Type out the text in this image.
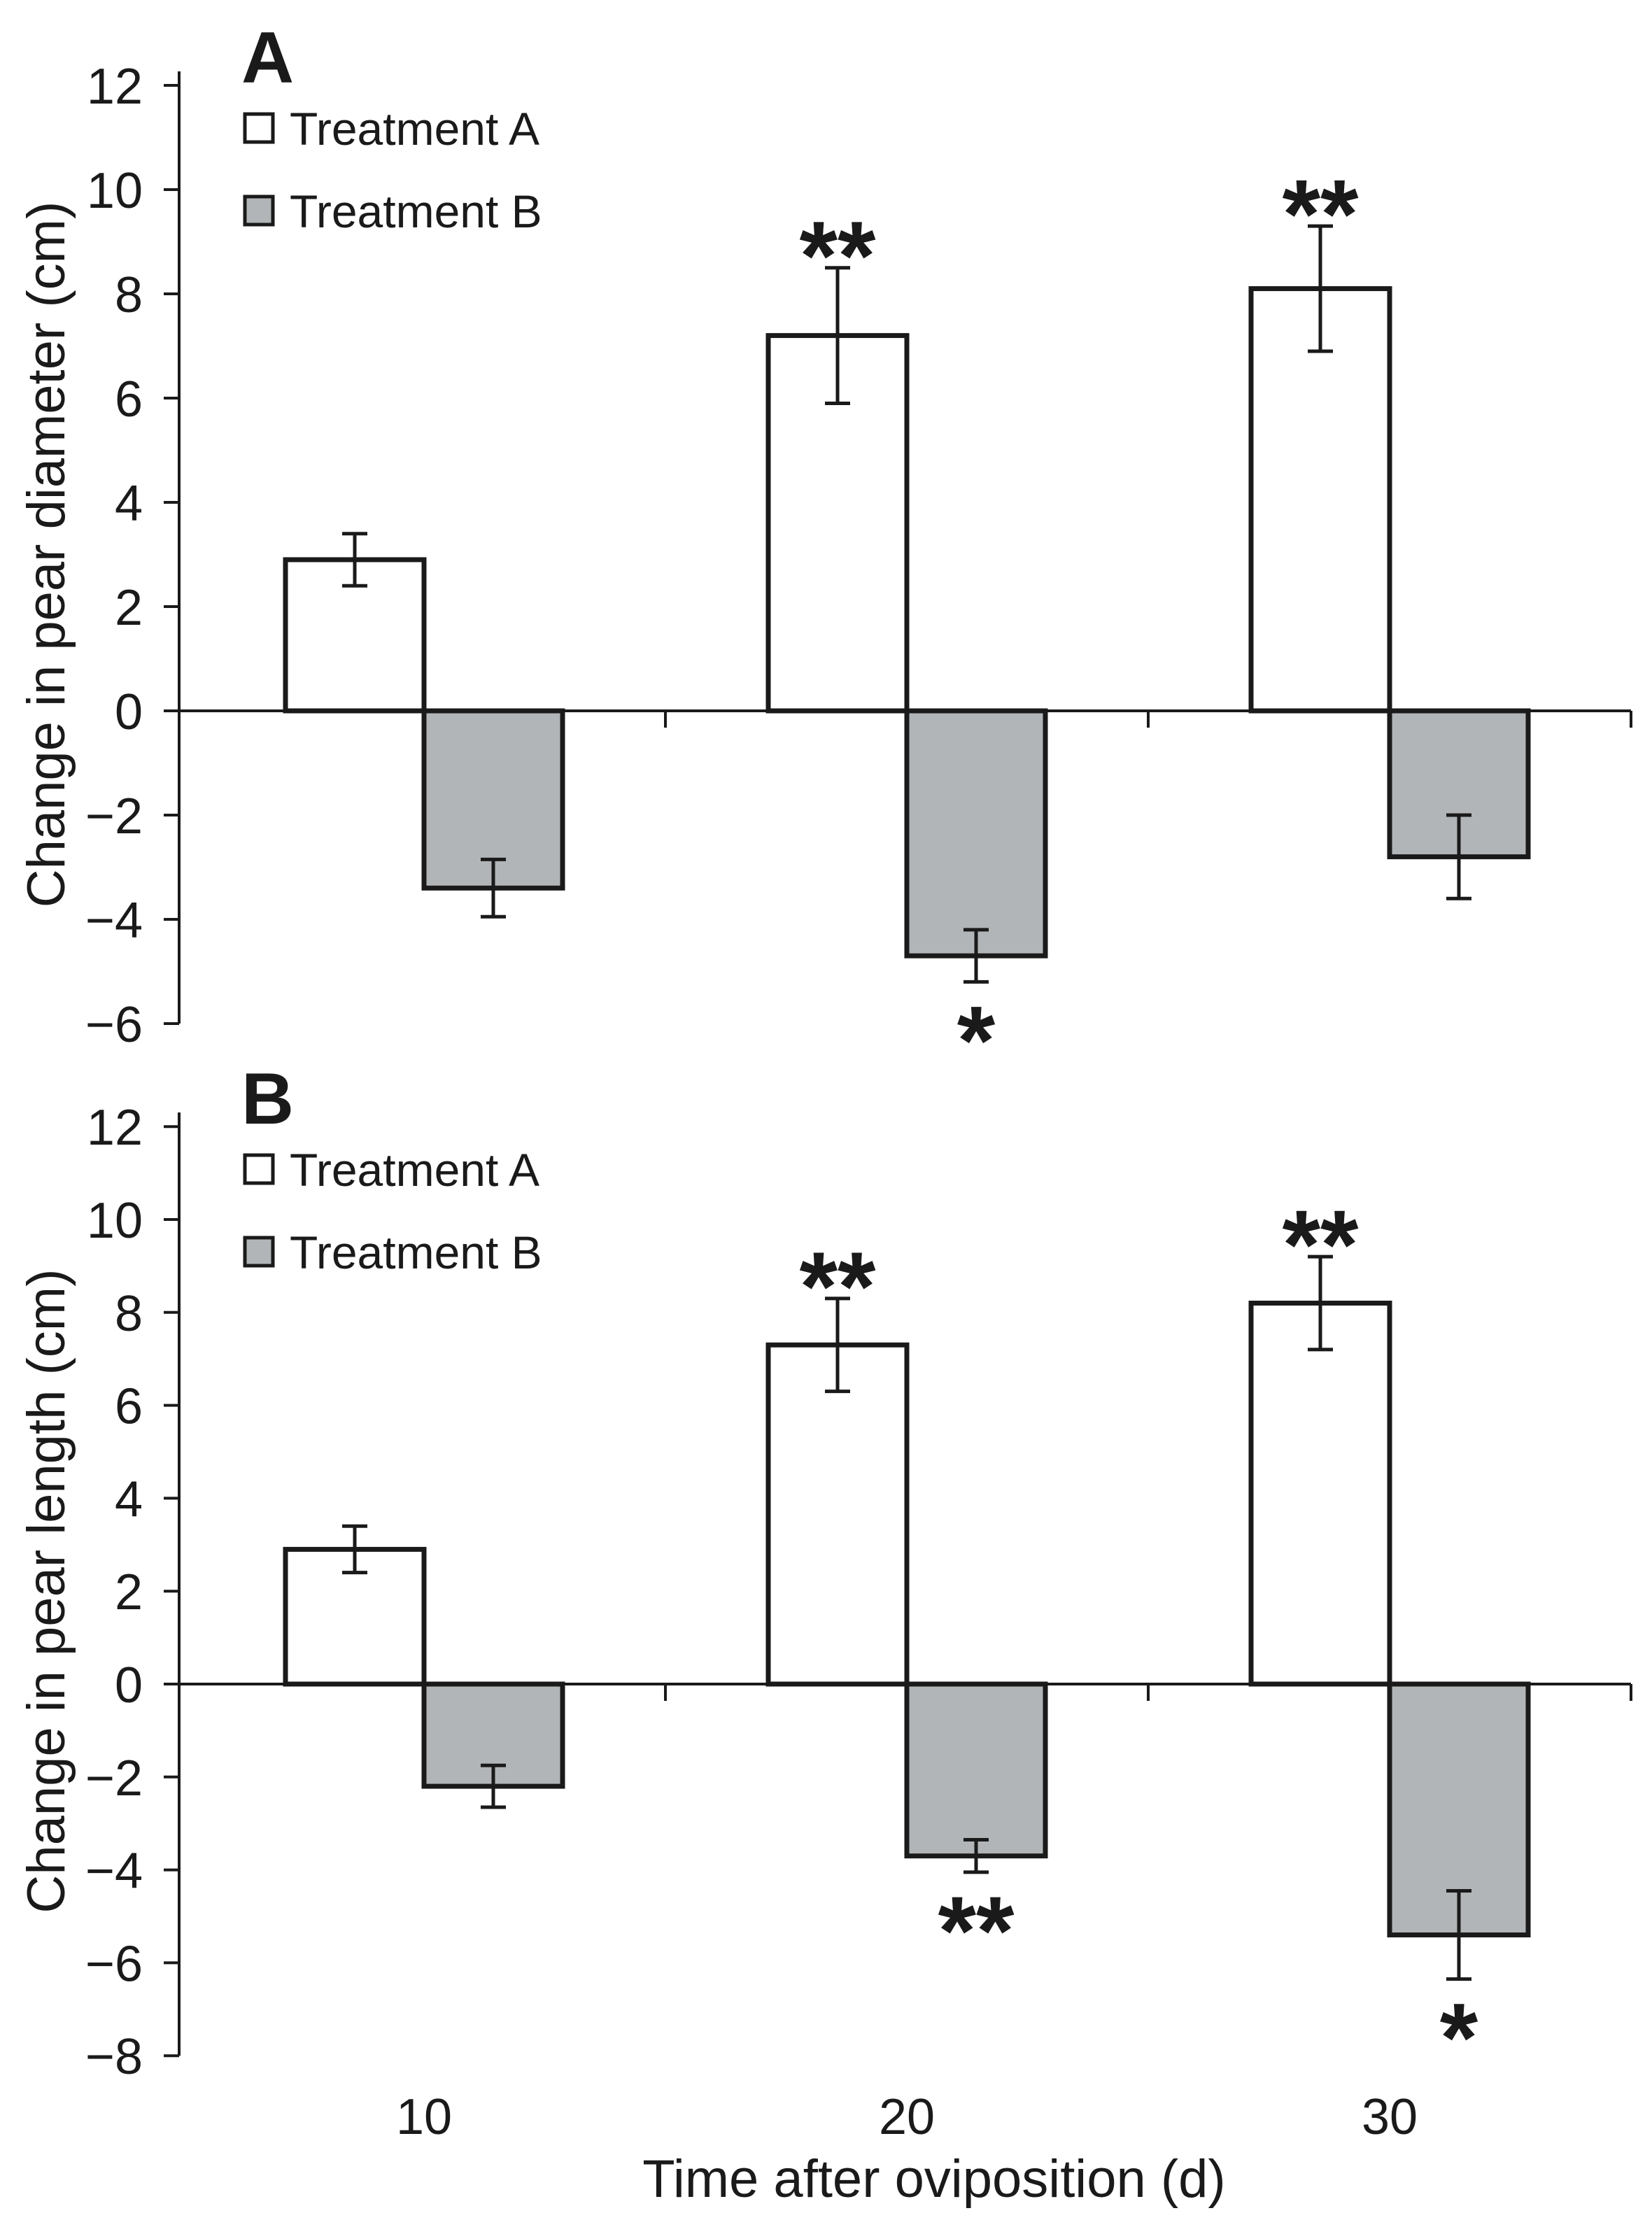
12
10
8
6
4
2
0
−2
−4
−6
**	**
*
A
Treatment A
Treatment B
Change in pear diameter (cm)
12
10
8
6
4
2
0
−2
−4
−6
−8
**	**
**
*
B
Treatment A
Treatment B
Change in pear length (cm)
10	20	30
Time after oviposition (d)
